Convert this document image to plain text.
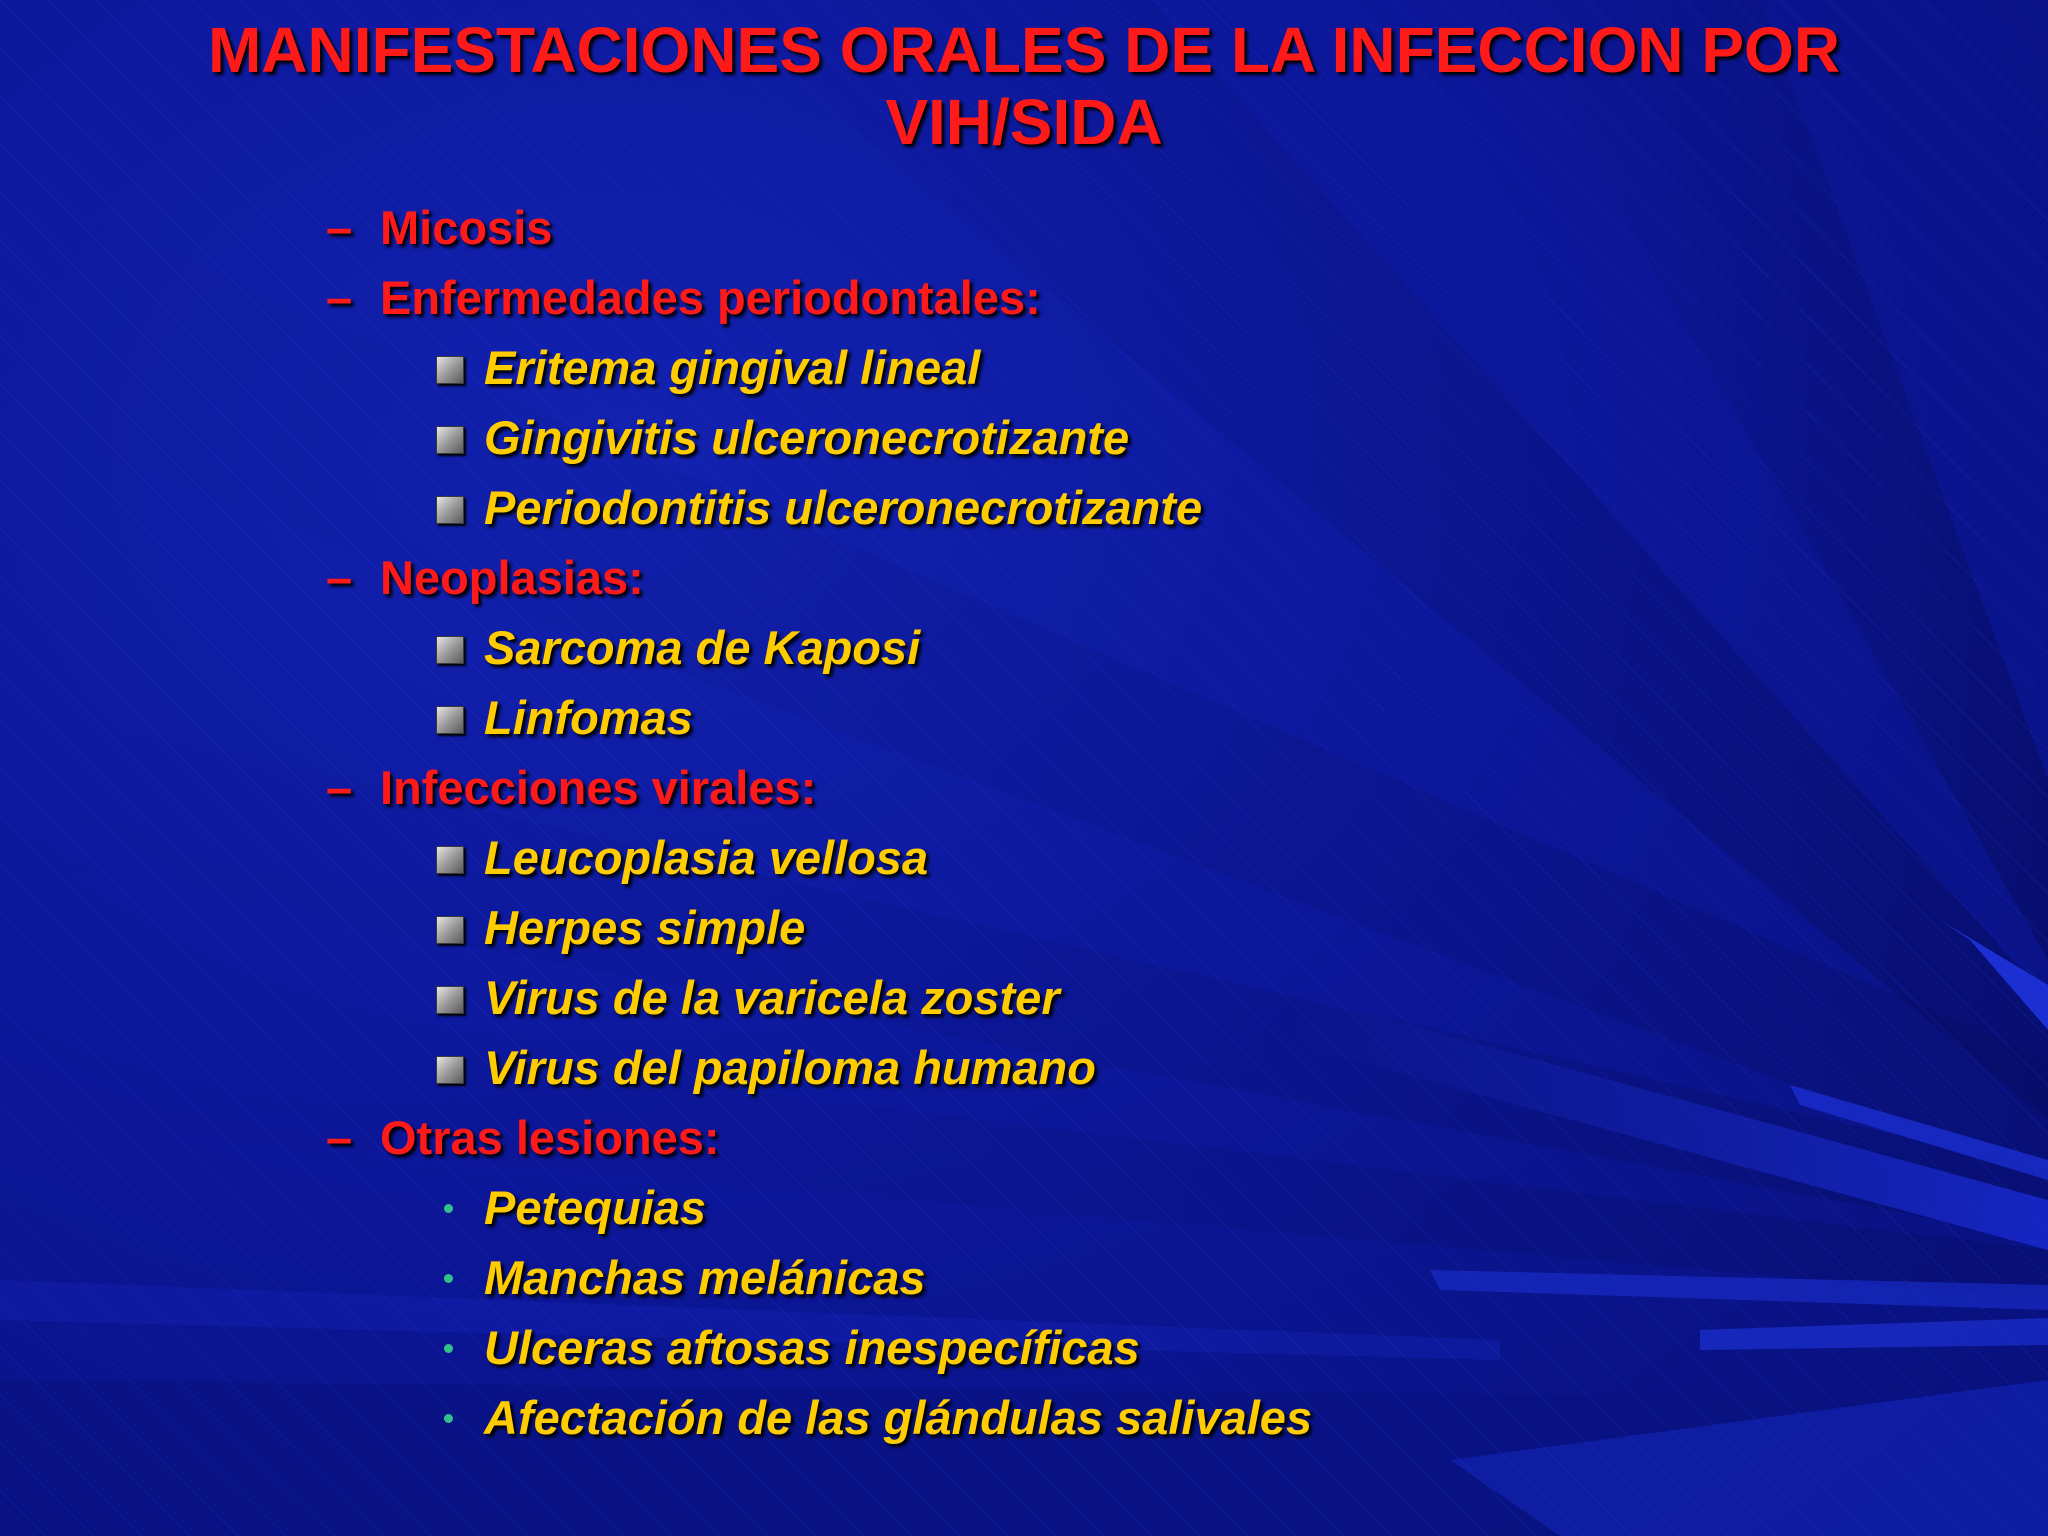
MANIFESTACIONES ORALES DE LA INFECCION POR
VIH/SIDA
– Micosis
– Enfermedades periodontales:
Eritema gingival lineal
Gingivitis ulceronecrotizante
Periodontitis ulceronecrotizante
– Neoplasias:
Sarcoma de Kaposi
Linfomas
– Infecciones virales:
Leucoplasia vellosa
Herpes simple
Virus de la varicela zoster
Virus del papiloma humano
– Otras lesiones:
Petequias
Manchas melánicas
Ulceras aftosas inespecíficas
Afectación de las glándulas salivales
